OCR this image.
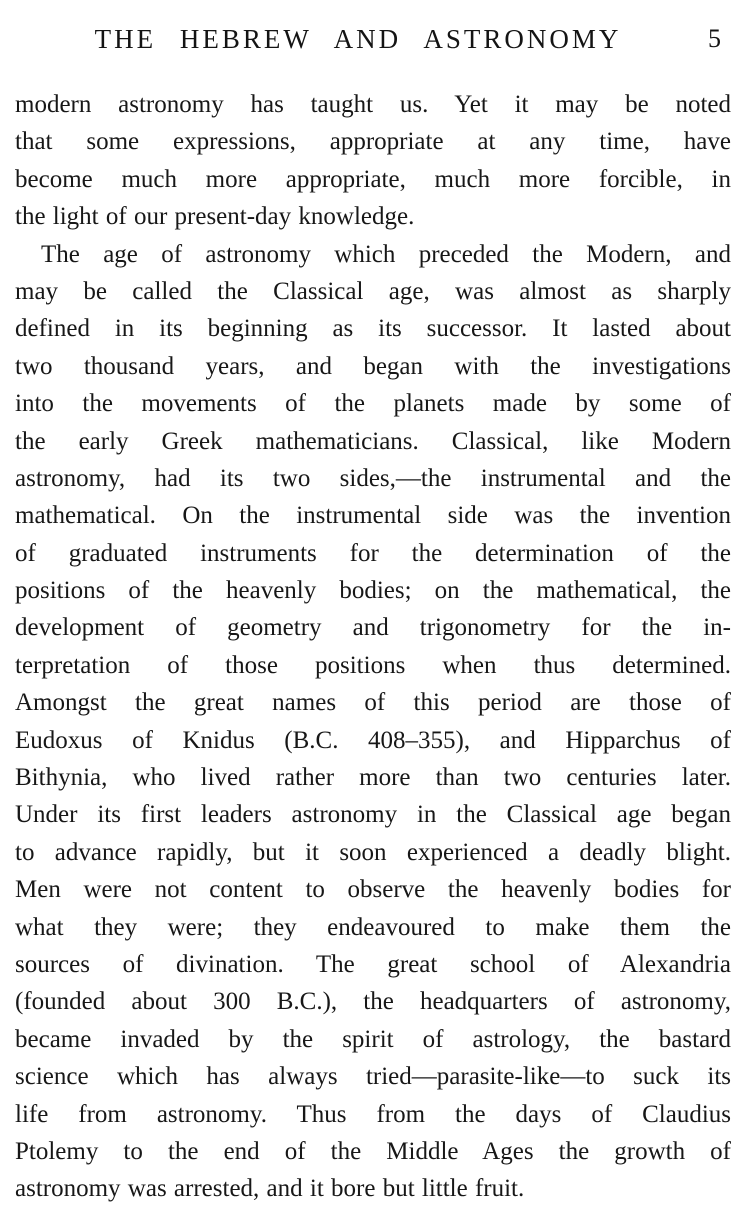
THE HEBREW AND ASTRONOMY	5
modern astronomy has taught us. Yet it may be noted
that some expressions, appropriate at any time, have
become much more appropriate, much more forcible, in
the light of our present-day knowledge.
The age of astronomy which preceded the Modern, and
may be called the Classical age, was almost as sharply
defined in its beginning as its successor. It lasted about
two thousand years, and began with the investigations
into the movements of the planets made by some of
the early Greek mathematicians. Classical, like Modern
astronomy, had its two sides,—the instrumental and the
mathematical. On the instrumental side was the invention
of graduated instruments for the determination of the
positions of the heavenly bodies; on the mathematical, the
development of geometry and trigonometry for the in-
terpretation of those positions when thus determined.
Amongst the great names of this period are those of
Eudoxus of Knidus (B.C. 408–355), and Hipparchus of
Bithynia, who lived rather more than two centuries later.
Under its first leaders astronomy in the Classical age began
to advance rapidly, but it soon experienced a deadly blight.
Men were not content to observe the heavenly bodies for
what they were; they endeavoured to make them the
sources of divination. The great school of Alexandria
(founded about 300 B.C.), the headquarters of astronomy,
became invaded by the spirit of astrology, the bastard
science which has always tried—parasite-like—to suck its
life from astronomy. Thus from the days of Claudius
Ptolemy to the end of the Middle Ages the growth of
astronomy was arrested, and it bore but little fruit.
